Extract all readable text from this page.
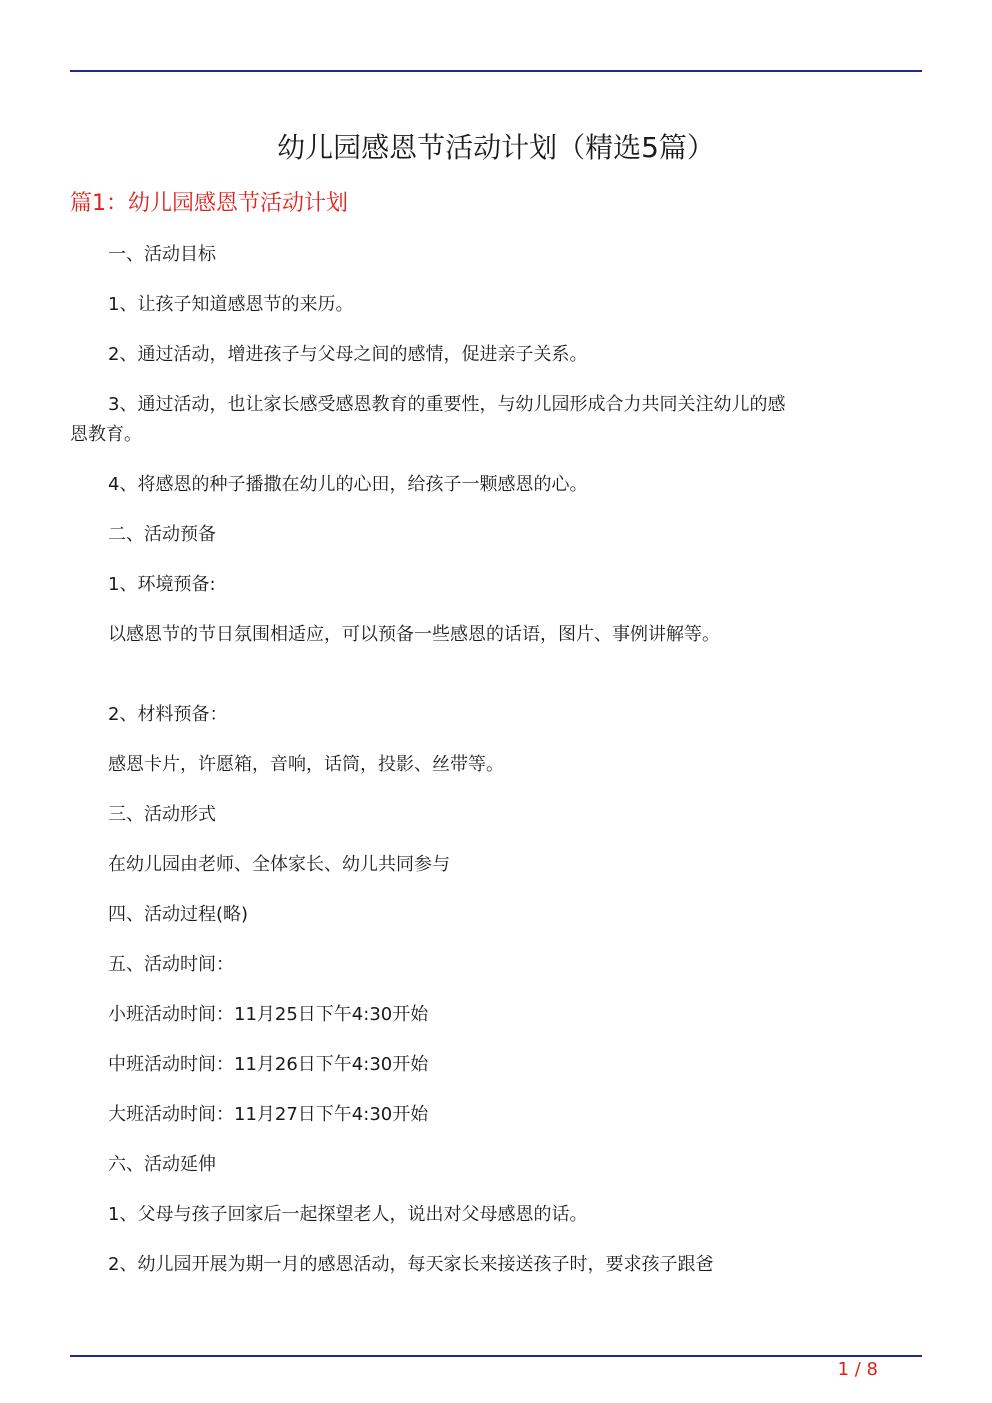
幼儿园感恩节活动计划（精选5篇）
篇1：幼儿园感恩节活动计划

一、活动目标

1、让孩子知道感恩节的来历。

2、通过活动，增进孩子与父母之间的感情，促进亲子关系。

3、通过活动，也让家长感受感恩教育的重要性，与幼儿园形成合力共同关注幼儿的感恩教育。

4、将感恩的种子播撒在幼儿的心田，给孩子一颗感恩的心。

二、活动预备

1、环境预备:

以感恩节的节日氛围相适应，可以预备一些感恩的话语，图片、事例讲解等。

2、材料预备：

感恩卡片，许愿箱，音响，话筒，投影、丝带等。

三、活动形式

在幼儿园由老师、全体家长、幼儿共同参与

四、活动过程(略)

五、活动时间：

小班活动时间：11月25日下午4:30开始

中班活动时间：11月26日下午4:30开始

大班活动时间：11月27日下午4:30开始

六、活动延伸

1、父母与孩子回家后一起探望老人，说出对父母感恩的话。

2、幼儿园开展为期一月的感恩活动，每天家长来接送孩子时，要求孩子跟爸

1 / 8
